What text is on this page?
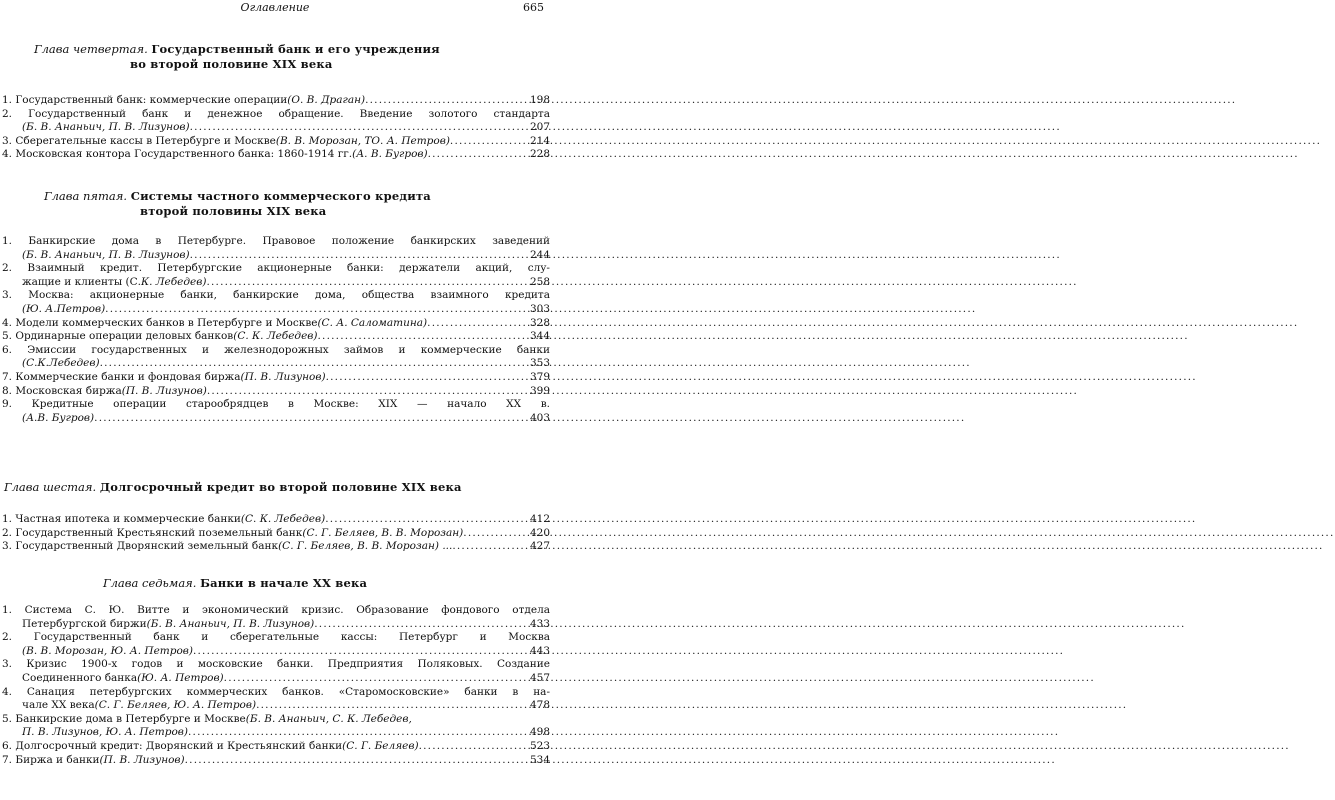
Оглавление	665
Глава четвертая. Государственный банк и его учреждения
во второй половине XIX века
1. Государственный банк: коммерческие операции (О. В. Драган) .....	198
2. Государственный банк и денежное обращение. Введение золотого стандарта
(Б. В. Ананьич, П. В. Лизунов) .....	207
3. Сберегательные кассы в Петербурге и Москве (В. В. Морозан, ТО. А. Петров) .....	214
4. Московская контора Государственного банка: 1860-1914 гг. (А. В. Бугров) .....	228
Глава пятая. Системы частного коммерческого кредита
второй половины XIX века
1. Банкирские дома в Петербурге. Правовое положение банкирских заведений
(Б. В. Ананьич, П. В. Лизунов) .....	244
2. Взаимный кредит. Петербургские акционерные банки: держатели акций, слу-
жащие и клиенты (С. К. Лебедев) .....	258
3. Москва: акционерные банки, банкирские дома, общества взаимного кредита
(Ю. А.Петров) .....	303
4. Модели коммерческих банков в Петербурге и Москве (С. А. Саломатина) .....	328
5. Ординарные операции деловых банков (С. К. Лебедев) .....	344
6. Эмиссии государственных и железнодорожных займов и коммерческие банки
(С.К.Лебедев) .....	353
7. Коммерческие банки и фондовая биржа (П. В. Лизунов) .....	379
8. Московская биржа (П. В. Лизунов) .....	399
9. Кредитные операции старообрядцев в Москве: XIX — начало XX в.
(А.В. Бугров) .....	403
Глава шестая. Долгосрочный кредит во второй половине XIX века
1. Частная ипотека и коммерческие банки (С. К. Лебедев) .....	412
2. Государственный Крестьянский поземельный банк (С. Г. Беляев, В. В. Морозан) .....	420
3. Государственный Дворянский земельный банк (С. Г. Беляев, В. В. Морозан) ... .....	427
Глава седьмая. Банки в начале XX века
1. Система С. Ю. Витте и экономический кризис. Образование фондового отдела
Петербургской биржи (Б. В. Ананьич, П. В. Лизунов) .....	433
2. Государственный банк и сберегательные кассы: Петербург и Москва
(В. В. Морозан, Ю. А. Петров) .....	443
3. Кризис 1900-х годов и московские банки. Предприятия Поляковых. Создание
Соединенного банка (Ю. А. Петров) .....	457
4. Санация петербургских коммерческих банков. «Старомосковские» банки в на-
чале XX века (С. Г. Беляев, Ю. А. Петров) .....	478
5. Банкирские дома в Петербурге и Москве (Б. В. Ананьич, С. К. Лебедев,
П. В. Лизунов, Ю. А. Петров) .....	498
6. Долгосрочный кредит: Дворянский и Крестьянский банки (С. Г. Беляев) .....	523
7. Биржа и банки (П. В. Лизунов) .....	534
